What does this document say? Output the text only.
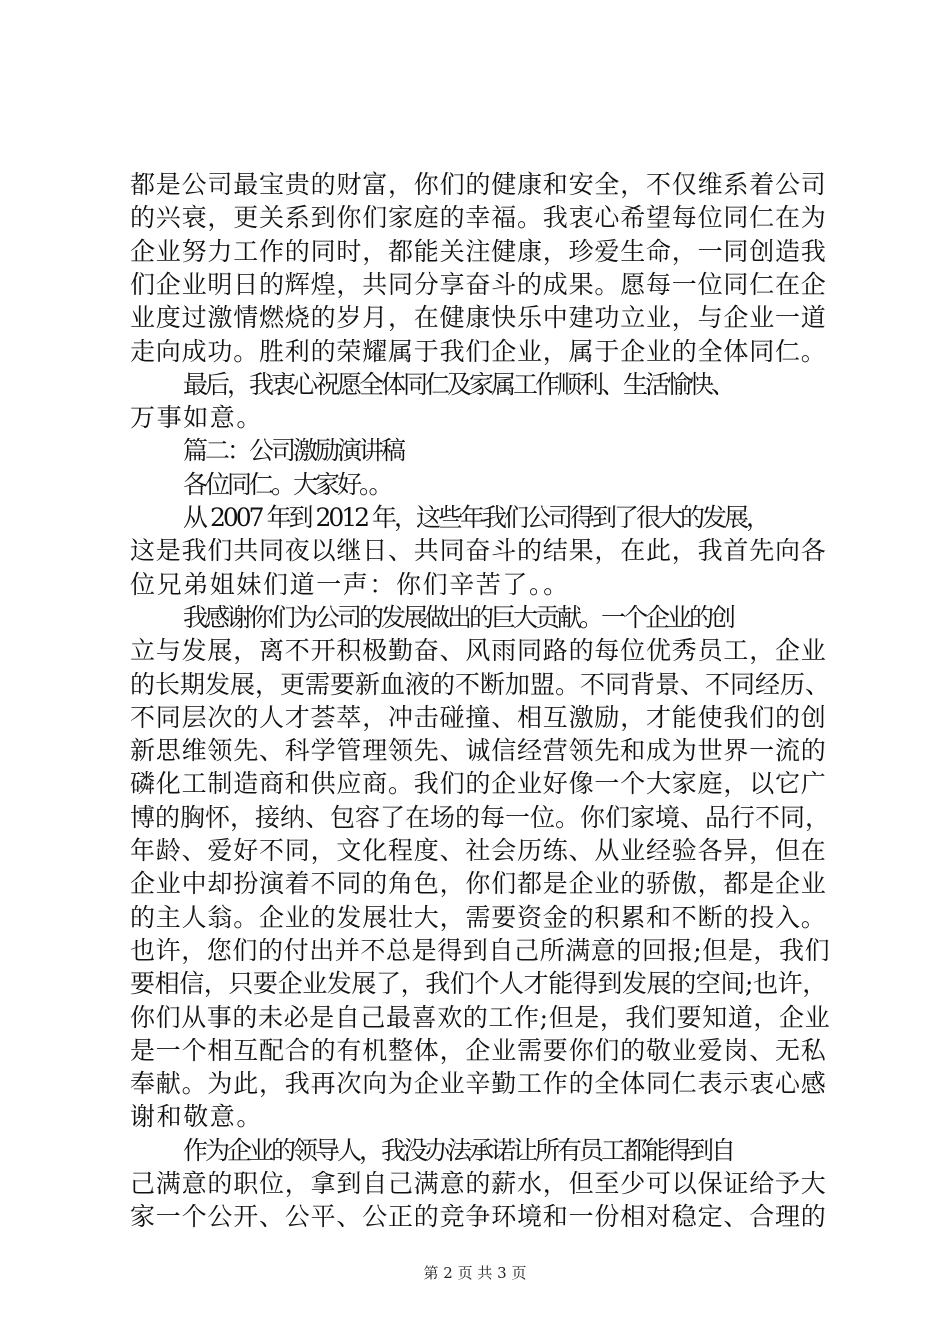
都是公司最宝贵的财富，你们的健康和安全，不仅维系着公司
的兴衰，更关系到你们家庭的幸福。我衷心希望每位同仁在为
企业努力工作的同时，都能关注健康，珍爱生命，一同创造我
们企业明日的辉煌，共同分享奋斗的成果。愿每一位同仁在企
业度过激情燃烧的岁月，在健康快乐中建功立业，与企业一道
走向成功。胜利的荣耀属于我们企业，属于企业的全体同仁。
最后，我衷心祝愿全体同仁及家属工作顺利、生活愉快、
万事如意。
篇二：公司激励演讲稿
各位同仁。大家好。。
从 2007 年到 2012 年，这些年我们公司得到了很大的发展，
这是我们共同夜以继日、共同奋斗的结果，在此，我首先向各
位兄弟姐妹们道一声：你们辛苦了。。
我感谢你们为公司的发展做出的巨大贡献。一个企业的创
立与发展，离不开积极勤奋、风雨同路的每位优秀员工，企业
的长期发展，更需要新血液的不断加盟。不同背景、不同经历、
不同层次的人才荟萃，冲击碰撞、相互激励，才能使我们的创
新思维领先、科学管理领先、诚信经营领先和成为世界一流的
磷化工制造商和供应商。我们的企业好像一个大家庭，以它广
博的胸怀，接纳、包容了在场的每一位。你们家境、品行不同，
年龄、爱好不同，文化程度、社会历练、从业经验各异，但在
企业中却扮演着不同的角色，你们都是企业的骄傲，都是企业
的主人翁。企业的发展壮大，需要资金的积累和不断的投入。
也许，您们的付出并不总是得到自己所满意的回报;但是，我们
要相信，只要企业发展了，我们个人才能得到发展的空间;也许，
你们从事的未必是自己最喜欢的工作;但是，我们要知道，企业
是一个相互配合的有机整体，企业需要你们的敬业爱岗、无私
奉献。为此，我再次向为企业辛勤工作的全体同仁表示衷心感
谢和敬意。
作为企业的领导人，我没办法承诺让所有员工都能得到自
己满意的职位，拿到自己满意的薪水，但至少可以保证给予大
家一个公开、公平、公正的竞争环境和一份相对稳定、合理的
第 2 页 共 3 页
